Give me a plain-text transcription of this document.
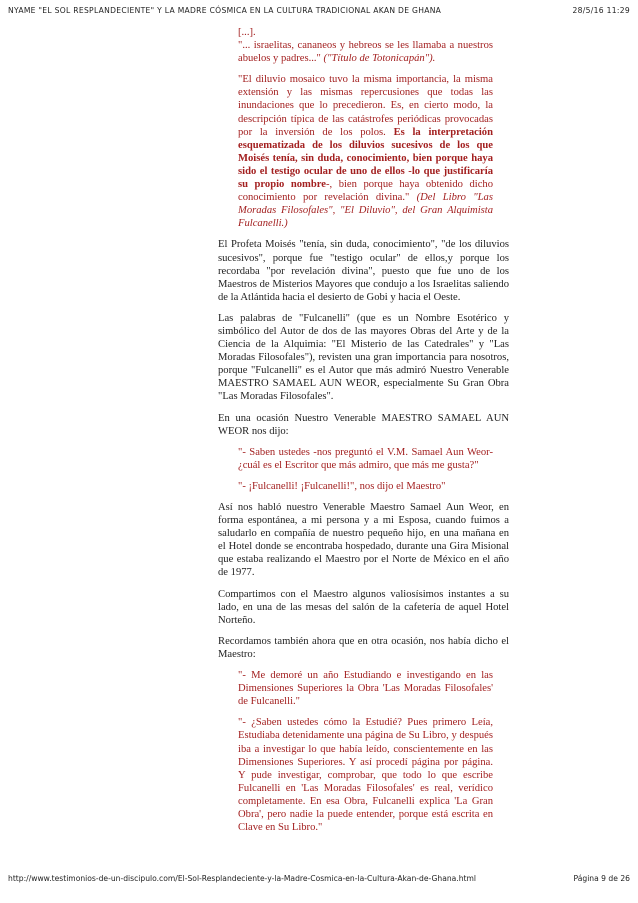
NYAME "EL SOL RESPLANDECIENTE" Y LA MADRE CÓSMICA EN LA CULTURA TRADICIONAL AKAN DE GHANA	28/5/16 11:29

[...].

"... israelitas, cananeos y hebreos se les llamaba a nuestros abuelos y padres..." ("Título de Totonicapán").

"El diluvio mosaico tuvo la misma importancia, la misma extensión y las mismas repercusiones que todas las inundaciones que lo precedieron. Es, en cierto modo, la descripción típica de las catástrofes periódicas provocadas por la inversión de los polos. Es la interpretación esquematizada de los diluvios sucesivos de los que Moisés tenía, sin duda, conocimiento, bien porque haya sido el testigo ocular de uno de ellos -lo que justificaría su propio nombre-, bien porque haya obtenido dicho conocimiento por revelación divina." (Del Libro "Las Moradas Filosofales", "El Diluvio", del Gran Alquimista Fulcanelli.)

El Profeta Moisés "tenía, sin duda, conocimiento", "de los diluvios sucesivos", porque fue "testigo ocular" de ellos,y porque los recordaba "por revelación divina", puesto que fue uno de los Maestros de Misterios Mayores que condujo a los Israelitas saliendo de la Atlántida hacia el desierto de Gobi y hacia el Oeste.

Las palabras de "Fulcanelli" (que es un Nombre Esotérico y simbólico del Autor de dos de las mayores Obras del Arte y de la Ciencia de la Alquimia: "El Misterio de las Catedrales" y "Las Moradas Filosofales"), revisten una gran importancia para nosotros, porque "Fulcanelli" es el Autor que más admiró Nuestro Venerable MAESTRO SAMAEL AUN WEOR, especialmente Su Gran Obra "Las Moradas Filosofales".

En una ocasión Nuestro Venerable MAESTRO SAMAEL AUN WEOR nos dijo:

"- Saben ustedes -nos preguntó el V.M. Samael Aun Weor- ¿cuál es el Escritor que más admiro, que más me gusta?"

"- ¡Fulcanelli! ¡Fulcanelli!", nos dijo el Maestro"

Así nos habló nuestro Venerable Maestro Samael Aun Weor, en forma espontánea, a mi persona y a mi Esposa, cuando fuimos a saludarlo en compañía de nuestro pequeño hijo, en una mañana en el Hotel donde se encontraba hospedado, durante una Gira Misional que estaba realizando el Maestro por el Norte de México en el año de 1977.

Compartimos con el Maestro algunos valiosísimos instantes a su lado, en una de las mesas del salón de la cafetería de aquel Hotel Norteño.

Recordamos también ahora que en otra ocasión, nos había dicho el Maestro:

"- Me demoré un año Estudiando e investigando en las Dimensiones Superiores la Obra 'Las Moradas Filosofales' de Fulcanelli."

"- ¿Saben ustedes cómo la Estudié? Pues primero Leía, Estudiaba detenidamente una página de Su Libro, y después iba a investigar lo que había leído, conscientemente en las Dimensiones Superiores. Y así procedí página por página. Y pude investigar, comprobar, que todo lo que escribe Fulcanelli en 'Las Moradas Filosofales' es real, verídico completamente. En esa Obra, Fulcanelli explica 'La Gran Obra', pero nadie la puede entender, porque está escrita en Clave en Su Libro."

http://www.testimonios-de-un-discipulo.com/El-Sol-Resplandeciente-y-la-Madre-Cosmica-en-la-Cultura-Akan-de-Ghana.html	Página 9 de 26
